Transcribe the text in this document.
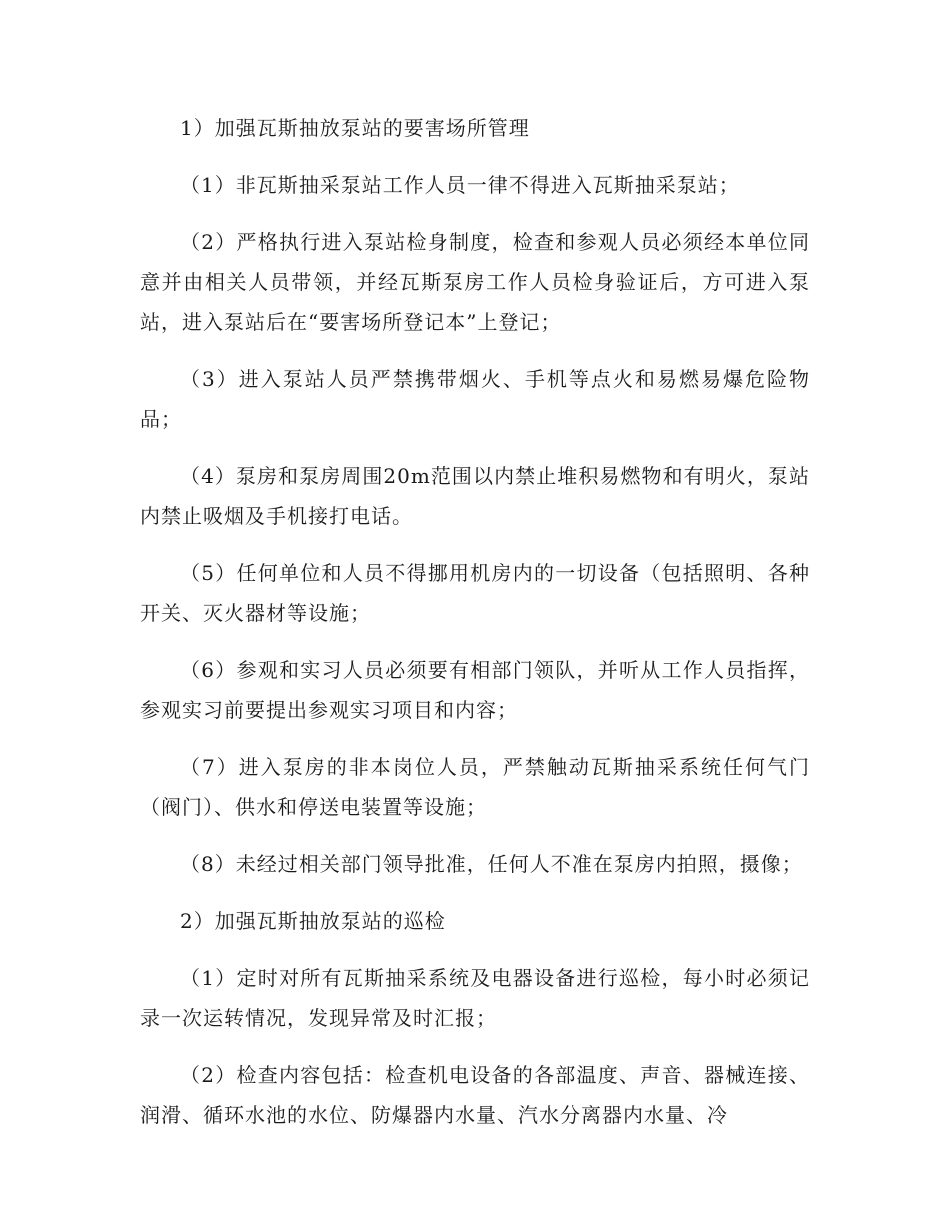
1）加强瓦斯抽放泵站的要害场所管理

（1）非瓦斯抽采泵站工作人员一律不得进入瓦斯抽采泵站；

（2）严格执行进入泵站检身制度，检查和参观人员必须经本单位同意并由相关人员带领，并经瓦斯泵房工作人员检身验证后，方可进入泵站，进入泵站后在“要害场所登记本”上登记；

（3）进入泵站人员严禁携带烟火、手机等点火和易燃易爆危险物品；

（4）泵房和泵房周围20m范围以内禁止堆积易燃物和有明火，泵站内禁止吸烟及手机接打电话。

（5）任何单位和人员不得挪用机房内的一切设备（包括照明、各种开关、灭火器材等设施；

（6）参观和实习人员必须要有相部门领队，并听从工作人员指挥，参观实习前要提出参观实习项目和内容；

（7）进入泵房的非本岗位人员，严禁触动瓦斯抽采系统任何气门（阀门）、供水和停送电装置等设施；

（8）未经过相关部门领导批准，任何人不准在泵房内拍照，摄像；

2）加强瓦斯抽放泵站的巡检

（1）定时对所有瓦斯抽采系统及电器设备进行巡检，每小时必须记录一次运转情况，发现异常及时汇报；

（2）检查内容包括：检查机电设备的各部温度、声音、器械连接、润滑、循环水池的水位、防爆器内水量、汽水分离器内水量、冷
